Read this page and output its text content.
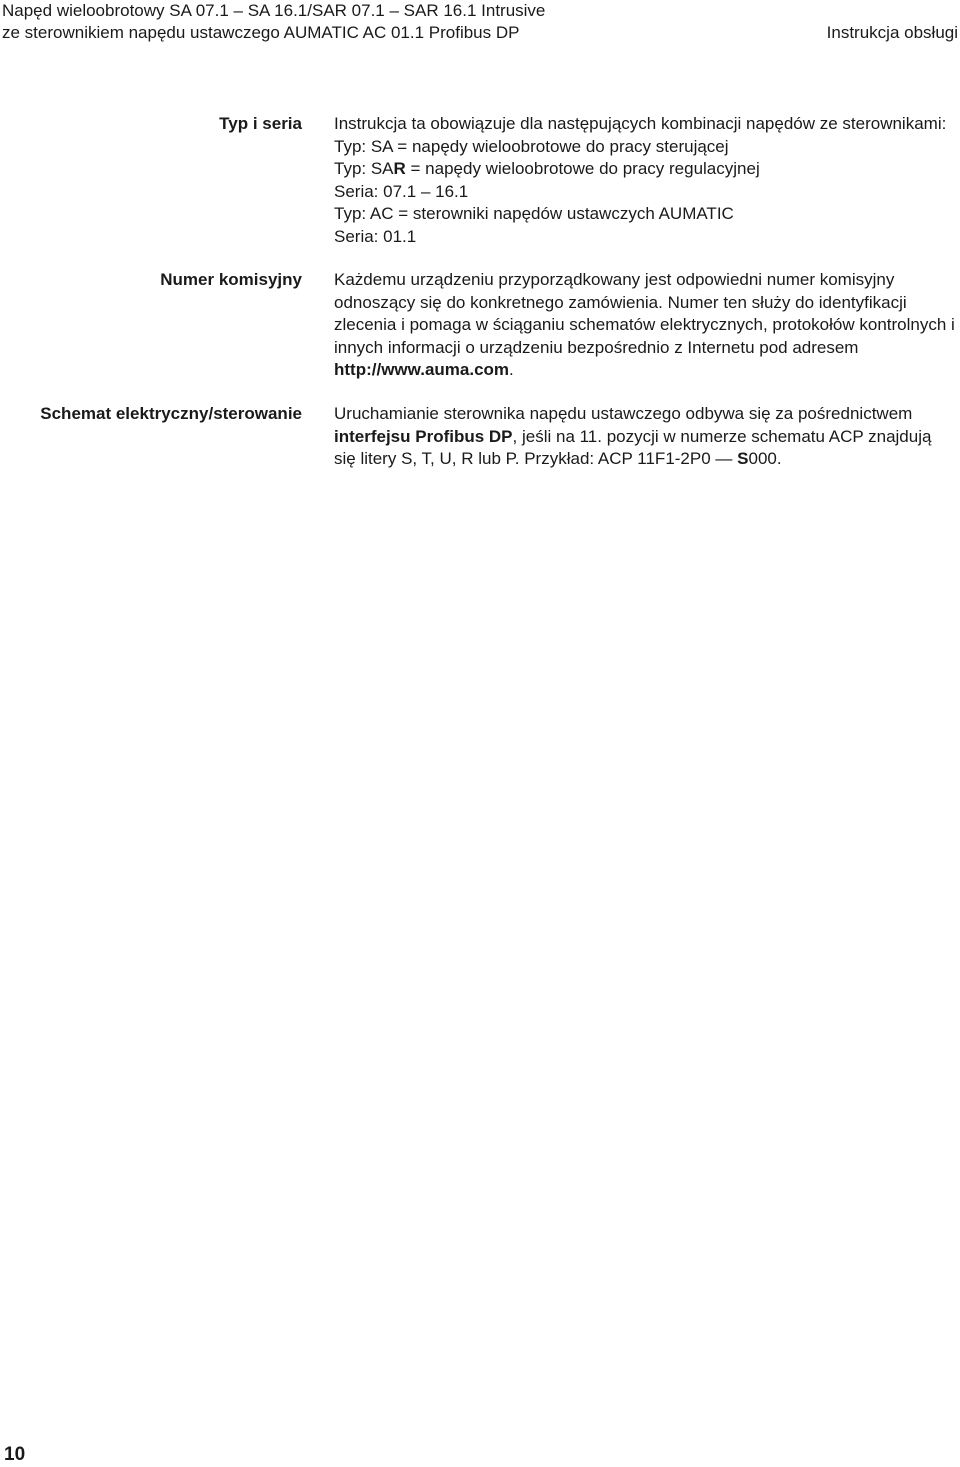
Napęd wieloobrotowy SA 07.1 – SA 16.1/SAR 07.1 – SAR 16.1 Intrusive
ze sterownikiem napędu ustawczego AUMATIC AC 01.1 Profibus DP	Instrukcja obsługi
Typ i seria Instrukcja ta obowiązuje dla następujących kombinacji napędów ze sterownikami:
Typ: SA = napędy wieloobrotowe do pracy sterującej
Typ: SAR = napędy wieloobrotowe do pracy regulacyjnej
Seria: 07.1 – 16.1
Typ: AC = sterowniki napędów ustawczych AUMATIC
Seria: 01.1
Numer komisyjny Każdemu urządzeniu przyporządkowany jest odpowiedni numer komisyjny odnoszący się do konkretnego zamówienia. Numer ten służy do identyfikacji zlecenia i pomaga w ściąganiu schematów elektrycznych, protokołów kontrolnych i innych informacji o urządzeniu bezpośrednio z Internetu pod adresem http://www.auma.com.
Schemat elektryczny/sterowanie Uruchamianie sterownika napędu ustawczego odbywa się za pośrednictwem interfejsu Profibus DP, jeśli na 11. pozycji w numerze schematu ACP znajdują się litery S, T, U, R lub P. Przykład: ACP 11F1-2P0 — S000.
10
